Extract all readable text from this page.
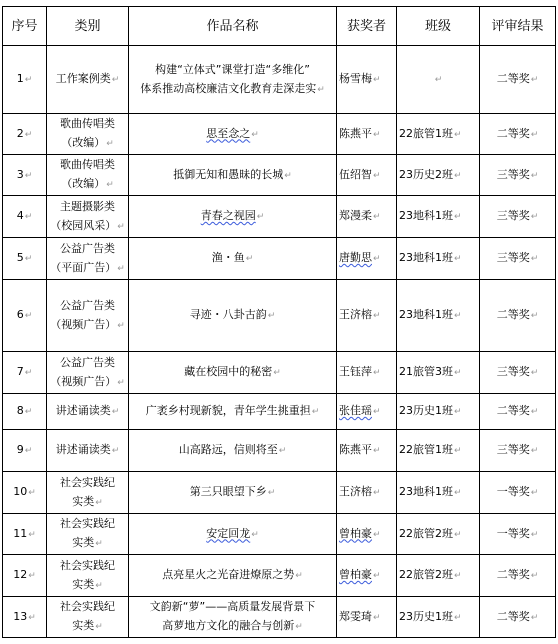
序号	类别	作品名称	获奖者	班级	评审结果
1↵	工作案例类↵	构建“立体式”课堂打造“多维化”
体系推动高校廉洁文化教育走深走实↵	杨雪梅↵	↵	二等奖↵
2↵	歌曲传唱类
（改编）↵	思至念之↵	陈燕平↵	22旅管1班↵	二等奖↵
3↵	歌曲传唱类
（改编）↵	抵御无知和愚昧的长城↵	伍绍智↵	23历史2班↵	三等奖↵
4↵	主题摄影类
（校园风采）↵	青春之视园↵	郑漫柔↵	23地科1班↵	三等奖↵
5↵	公益广告类
（平面广告）↵	渔・鱼↵	唐勤思↵	23地科1班↵	三等奖↵
6↵	公益广告类
（视频广告）↵	寻迹・八卦古韵↵	王济榕↵	23地科1班↵	二等奖↵
7↵	公益广告类
（视频广告）↵	藏在校园中的秘密↵	王钰萍↵	21旅管3班↵	三等奖↵
8↵	讲述诵读类↵	广袤乡村现新貌，青年学生挑重担↵	张佳瑶↵	23历史1班↵	二等奖↵
9↵	讲述诵读类↵	山高路远，信则将至↵	陈燕平↵	22旅管1班↵	三等奖↵
10↵	社会实践纪
实类↵	第三只眼望下乡↵	王济榕↵	23地科1班↵	一等奖↵
11↵	社会实践纪
实类↵	安定回龙↵	曾柏豪↵	22旅管2班↵	一等奖↵
12↵	社会实践纪
实类↵	点亮星火之光奋进燎原之势↵	曾柏豪↵	22旅管2班↵	二等奖↵
13↵	社会实践纪
实类↵	文韵新“萝”——高质量发展背景下
高萝地方文化的融合与创新↵	郑雯琦↵	23历史1班↵	二等奖↵
